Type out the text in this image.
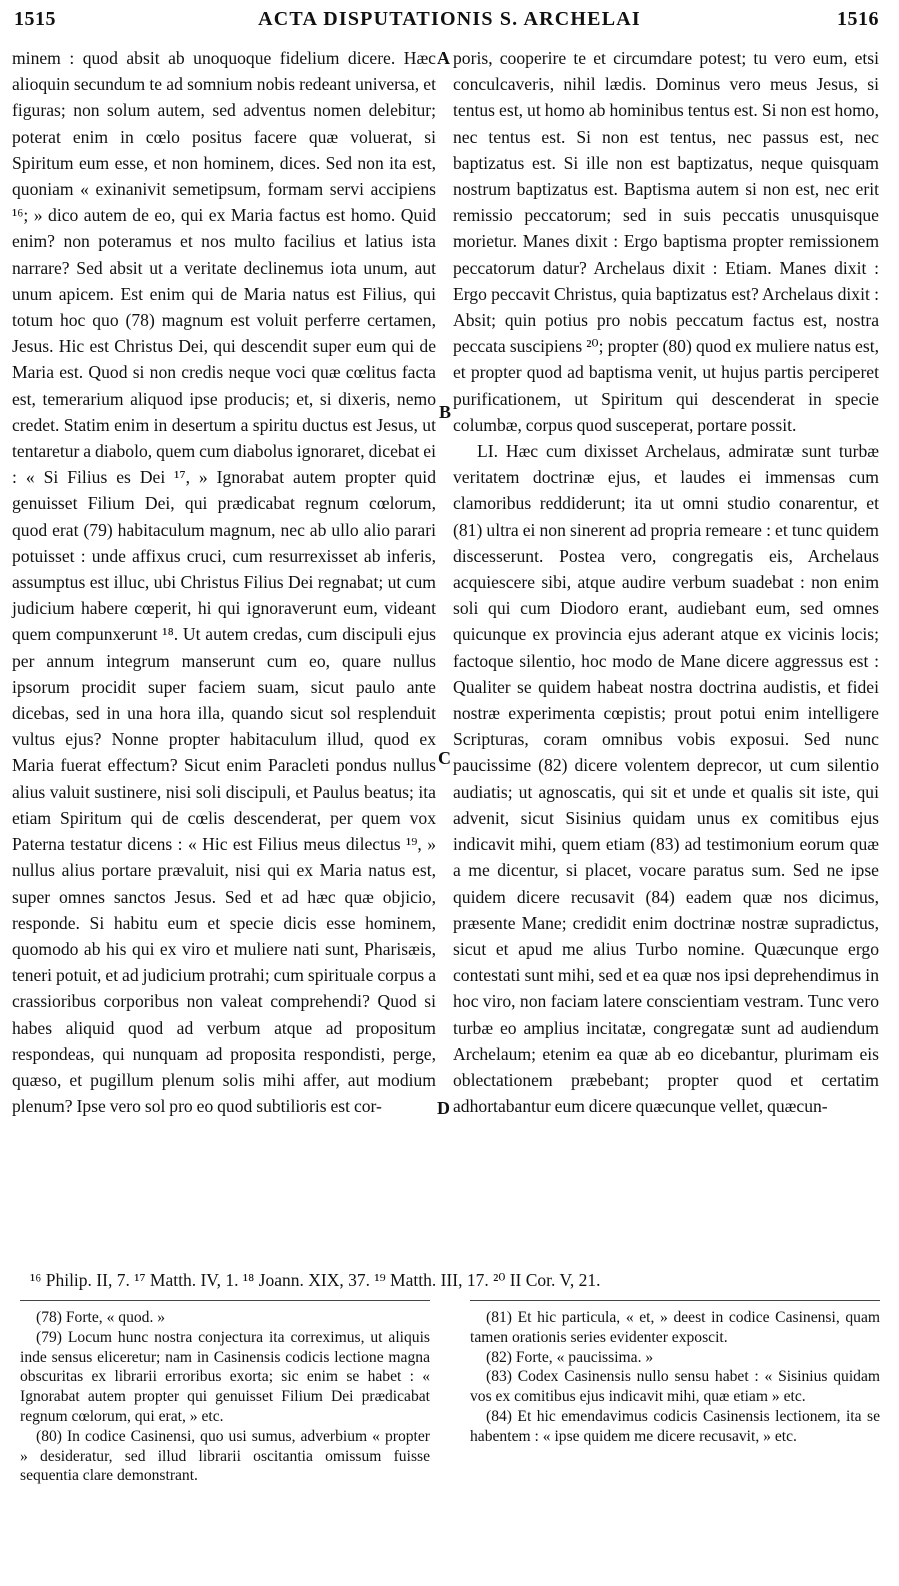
1515	ACTA DISPUTATIONIS S. ARCHELAI	1516

minem : quod absit ab unoquoque fidelium dicere. Hæc alioquin secundum te ad somnium nobis redeant universa, et figuras; non solum autem, sed adventus nomen delebitur; poterat enim in cœlo positus facere quæ voluerat, si Spiritum eum esse, et non hominem, dices. Sed non ita est, quoniam « exinanivit semetipsum, formam servi accipiens ¹⁶; » dico autem de eo, qui ex Maria factus est homo. Quid enim? non poteramus et nos multo facilius et latius ista narrare? Sed absit ut a veritate declinemus iota unum, aut unum apicem. Est enim qui de Maria natus est Filius, qui totum hoc quo (78) magnum est voluit perferre certamen, Jesus. Hic est Christus Dei, qui descendit super eum qui de Maria est. Quod si non credis neque voci quæ cœlitus facta est, temerarium aliquod ipse producis; et, si dixeris, nemo credet. Statim enim in desertum a spiritu ductus est Jesus, ut tentaretur a diabolo, quem cum diabolus ignoraret, dicebat ei : « Si Filius es Dei ¹⁷, » Ignorabat autem propter quid genuisset Filium Dei, qui prædicabat regnum cœlorum, quod erat (79) habitaculum magnum, nec ab ullo alio parari potuisset : unde affixus cruci, cum resurrexisset ab inferis, assumptus est illuc, ubi Christus Filius Dei regnabat; ut cum judicium habere cœperit, hi qui ignoraverunt eum, videant quem compunxerunt ¹⁸. Ut autem credas, cum discipuli ejus per annum integrum manserunt cum eo, quare nullus ipsorum procidit super faciem suam, sicut paulo ante dicebas, sed in una hora illa, quando sicut sol resplenduit vultus ejus? Nonne propter habitaculum illud, quod ex Maria fuerat effectum? Sicut enim Paracleti pondus nullus alius valuit sustinere, nisi soli discipuli, et Paulus beatus; ita etiam Spiritum qui de cœlis descenderat, per quem vox Paterna testatur dicens : « Hic est Filius meus dilectus ¹⁹, » nullus alius portare prævaluit, nisi qui ex Maria natus est, super omnes sanctos Jesus. Sed et ad hæc quæ objicio, responde. Si habitu eum et specie dicis esse hominem, quomodo ab his qui ex viro et muliere nati sunt, Pharisæis, teneri potuit, et ad judicium protrahi; cum spirituale corpus a crassioribus corporibus non valeat comprehendi? Quod si habes aliquid quod ad verbum atque ad propositum respondeas, qui nunquam ad proposita respondisti, perge, quæso, et pugillum plenum solis mihi affer, aut modium plenum? Ipse vero sol pro eo quod subtilioris est cor-

poris, cooperire te et circumdare potest; tu vero eum, etsi conculcaveris, nihil lædis. Dominus vero meus Jesus, si tentus est, ut homo ab hominibus tentus est. Si non est homo, nec tentus est. Si non est tentus, nec passus est, nec baptizatus est. Si ille non est baptizatus, neque quisquam nostrum baptizatus est. Baptisma autem si non est, nec erit remissio peccatorum; sed in suis peccatis unusquisque morietur. Manes dixit : Ergo baptisma propter remissionem peccatorum datur? Archelaus dixit : Etiam. Manes dixit : Ergo peccavit Christus, quia baptizatus est? Archelaus dixit : Absit; quin potius pro nobis peccatum factus est, nostra peccata suscipiens ²⁰; propter (80) quod ex muliere natus est, et propter quod ad baptisma venit, ut hujus partis perciperet purificationem, ut Spiritum qui descenderat in specie columbæ, corpus quod susceperat, portare possit.

LI. Hæc cum dixisset Archelaus, admiratæ sunt turbæ veritatem doctrinæ ejus, et laudes ei immensas cum clamoribus reddiderunt; ita ut omni studio conarentur, et (81) ultra ei non sinerent ad propria remeare : et tunc quidem discesserunt. Postea vero, congregatis eis, Archelaus acquiescere sibi, atque audire verbum suadebat : non enim soli qui cum Diodoro erant, audiebant eum, sed omnes quicunque ex provincia ejus aderant atque ex vicinis locis; factoque silentio, hoc modo de Mane dicere aggressus est : Qualiter se quidem habeat nostra doctrina audistis, et fidei nostræ experimenta cœpistis; prout potui enim intelligere Scripturas, coram omnibus vobis exposui. Sed nunc paucissime (82) dicere volentem deprecor, ut cum silentio audiatis; ut agnoscatis, qui sit et unde et qualis sit iste, qui advenit, sicut Sisinius quidam unus ex comitibus ejus indicavit mihi, quem etiam (83) ad testimonium eorum quæ a me dicentur, si placet, vocare paratus sum. Sed ne ipse quidem dicere recusavit (84) eadem quæ nos dicimus, præsente Mane; credidit enim doctrinæ nostræ supradictus, sicut et apud me alius Turbo nomine. Quæcunque ergo contestati sunt mihi, sed et ea quæ nos ipsi deprehendimus in hoc viro, non faciam latere conscientiam vestram. Tunc vero turbæ eo amplius incitatæ, congregatæ sunt ad audiendum Archelaum; etenim ea quæ ab eo dicebantur, plurimam eis oblectationem præbebant; propter quod et certatim adhortabantur eum dicere quæcunque vellet, quæcun-

A
B
C
D
¹⁶ Philip. II, 7. ¹⁷ Matth. IV, 1. ¹⁸ Joann. XIX, 37. ¹⁹ Matth. III, 17. ²⁰ II Cor. V, 21.

(78) Forte, « quod. »

(79) Locum hunc nostra conjectura ita correximus, ut aliquis inde sensus eliceretur; nam in Casinensis codicis lectione magna obscuritas ex librarii erroribus exorta; sic enim se habet : « Ignorabat autem propter qui genuisset Filium Dei prædicabat regnum cœlorum, qui erat, » etc.

(80) In codice Casinensi, quo usi sumus, adverbium « propter » desideratur, sed illud librarii oscitantia omissum fuisse sequentia clare demonstrant.

(81) Et hic particula, « et, » deest in codice Casinensi, quam tamen orationis series evidenter exposcit.

(82) Forte, « paucissima. »

(83) Codex Casinensis nullo sensu habet : « Sisinius quidam vos ex comitibus ejus indicavit mihi, quæ etiam » etc.

(84) Et hic emendavimus codicis Casinensis lectionem, ita se habentem : « ipse quidem me dicere recusavit, » etc.
